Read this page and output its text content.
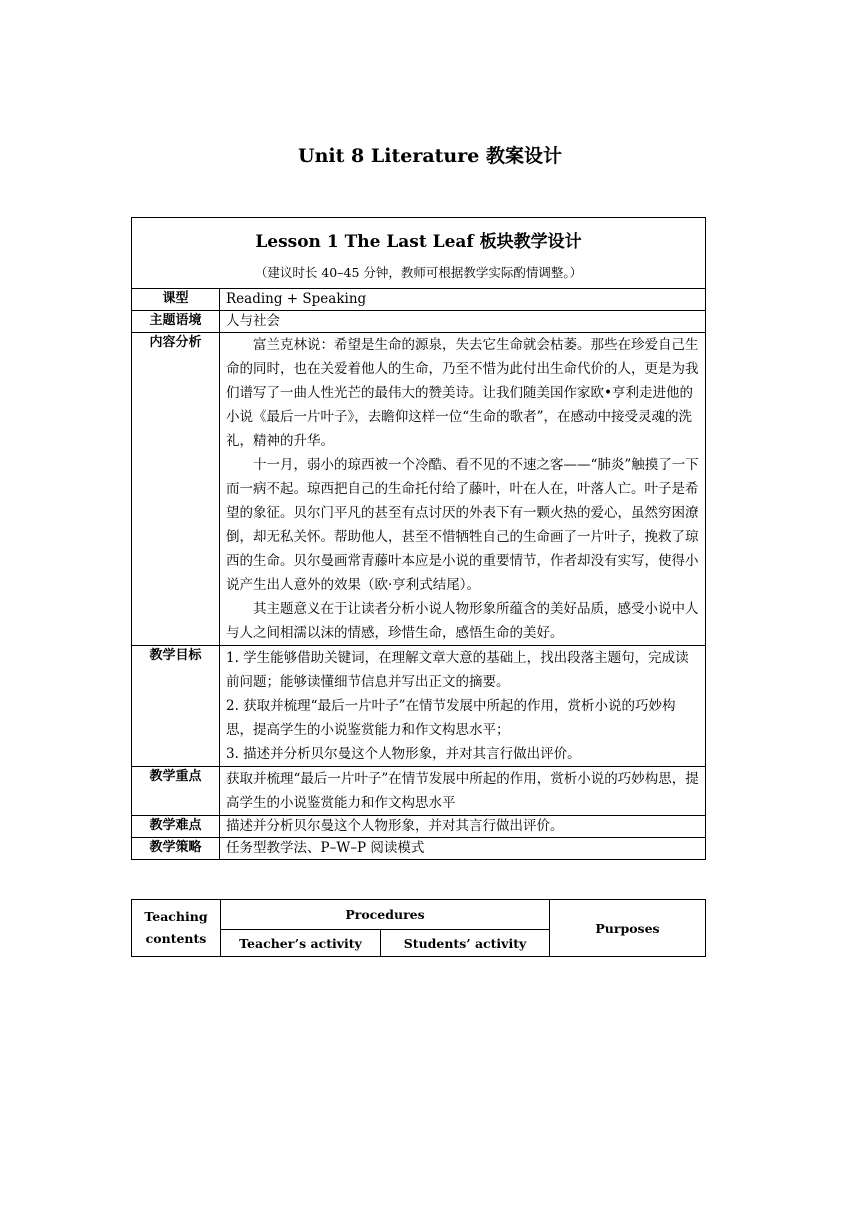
Unit 8 Literature 教案设计
Lesson 1 The Last Leaf 板块教学设计
（建议时长 40–45 分钟，教师可根据教学实际酌情调整。）	

课型	Reading + Speaking
主题语境	人与社会
内容分析	富兰克林说：希望是生命的源泉，失去它生命就会枯萎。那些在珍爱自己生命的同时，也在关爱着他人的生命，乃至不惜为此付出生命代价的人，更是为我们谱写了一曲人性光芒的最伟大的赞美诗。让我们随美国作家欧•亨利走进他的小说《最后一片叶子》，去瞻仰这样一位“生命的歌者”，在感动中接受灵魂的洗礼，精神的升华。
十一月，弱小的琼西被一个冷酷、看不见的不速之客——“肺炎”触摸了一下而一病不起。琼西把自己的生命托付给了藤叶，叶在人在，叶落人亡。叶子是希望的象征。贝尔门平凡的甚至有点讨厌的外表下有一颗火热的爱心，虽然穷困潦倒，却无私关怀。帮助他人，甚至不惜牺牲自己的生命画了一片叶子，挽救了琼西的生命。贝尔曼画常青藤叶本应是小说的重要情节，作者却没有实写，使得小说产生出人意外的效果（欧·亨利式结尾）。
其主题意义在于让读者分析小说人物形象所蕴含的美好品质，感受小说中人与人之间相濡以沫的情感，珍惜生命，感悟生命的美好。

教学目标	1. 学生能够借助关键词，在理解文章大意的基础上，找出段落主题句，完成读前问题；能够读懂细节信息并写出正文的摘要。
2. 获取并梳理“最后一片叶子”在情节发展中所起的作用，赏析小说的巧妙构思，提高学生的小说鉴赏能力和作文构思水平；
3. 描述并分析贝尔曼这个人物形象，并对其言行做出评价。

教学重点	获取并梳理“最后一片叶子”在情节发展中所起的作用，赏析小说的巧妙构思，提高学生的小说鉴赏能力和作文构思水平
教学难点	描述并分析贝尔曼这个人物形象，并对其言行做出评价。
教学策略	任务型教学法、P–W–P 阅读模式
Teaching
contents	Procedures		Purposes
	Teacher’s activity	Students’ activity	
